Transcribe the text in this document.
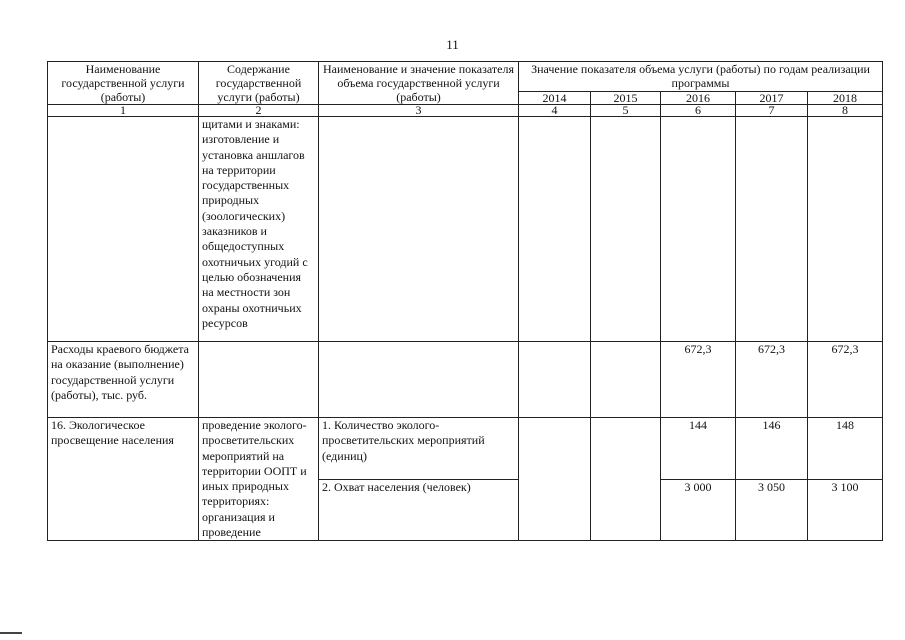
11
Наименование государственной услуги (работы)	Содержание государственной услуги (работы)	Наименование и значение показателя объема государственной услуги (работы)	Значение показателя объема услуги (работы) по годам реализации программы				
			2014	2015	2016	2017	2018
1	2	3	4	5	6	7	8
	щитами и знаками: изготовление и установка аншлагов на территории государственных природных (зоологических) заказников и общедоступных охотничьих угодий с целью обозначения на местности зон охраны охотничьих ресурсов						
Расходы краевого бюджета на оказание (выполнение) государственной услуги (работы), тыс. руб.					672,3	672,3	672,3
16. Экологическое просвещение населения	проведение эколого-просветительских мероприятий на территории ООПТ и иных природных территориях: организация и проведение	1. Количество эколого-просветительских мероприятий (единиц)			144	146	148
		2. Охват населения (человек)			3 000	3 050	3 100
